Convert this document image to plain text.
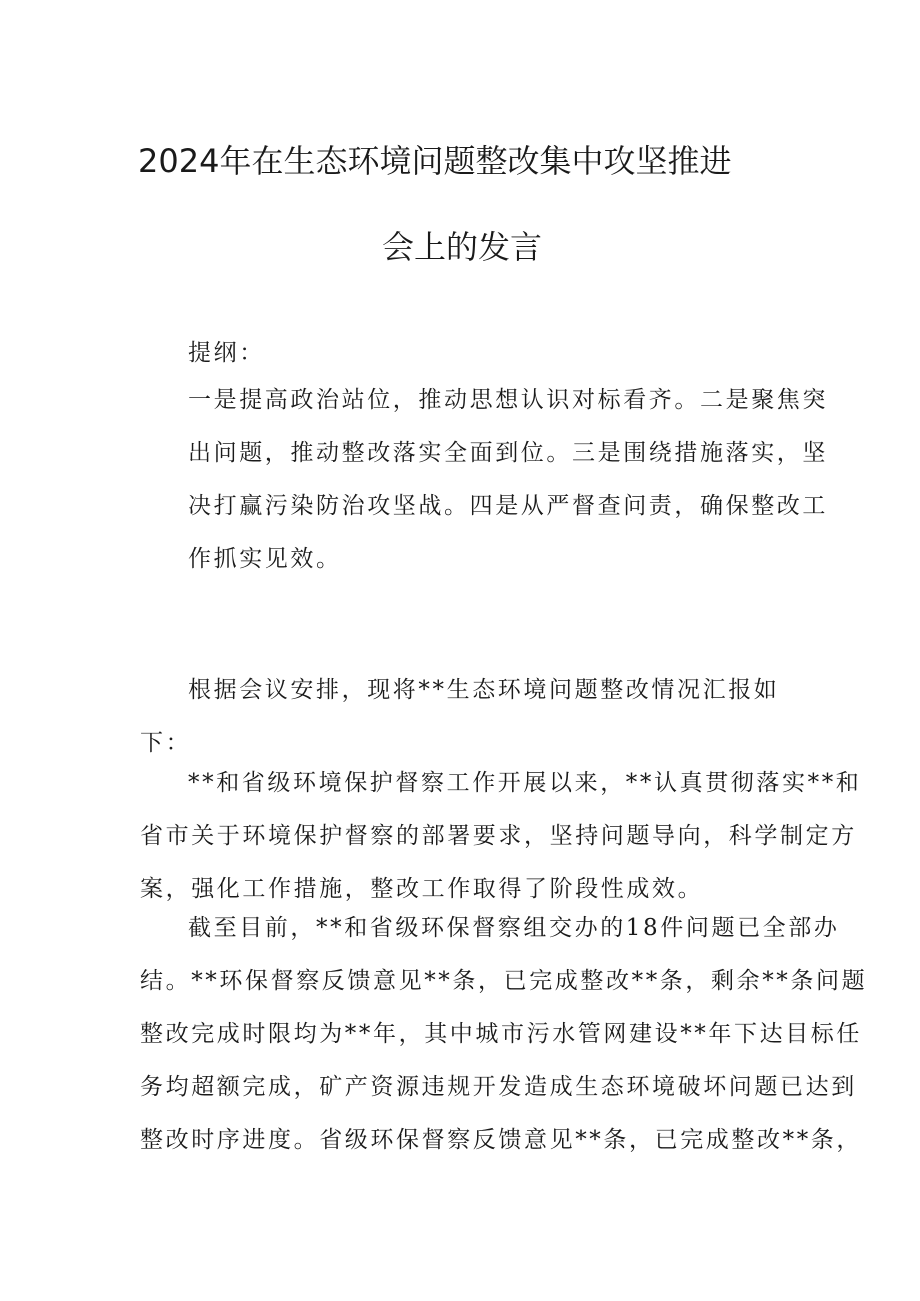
2024年在生态环境问题整改集中攻坚推进
会上的发言
提纲：
一是提高政治站位，推动思想认识对标看齐。二是聚焦突
出问题，推动整改落实全面到位。三是围绕措施落实，坚
决打赢污染防治攻坚战。四是从严督查问责，确保整改工
作抓实见效。
根据会议安排，现将**生态环境问题整改情况汇报如
下：
**和省级环境保护督察工作开展以来，**认真贯彻落实**和
省市关于环境保护督察的部署要求，坚持问题导向，科学制定方
案，强化工作措施，整改工作取得了阶段性成效。
截至目前，**和省级环保督察组交办的18件问题已全部办
结。**环保督察反馈意见**条，已完成整改**条，剩余**条问题
整改完成时限均为**年，其中城市污水管网建设**年下达目标任
务均超额完成，矿产资源违规开发造成生态环境破坏问题已达到
整改时序进度。省级环保督察反馈意见**条，已完成整改**条，
